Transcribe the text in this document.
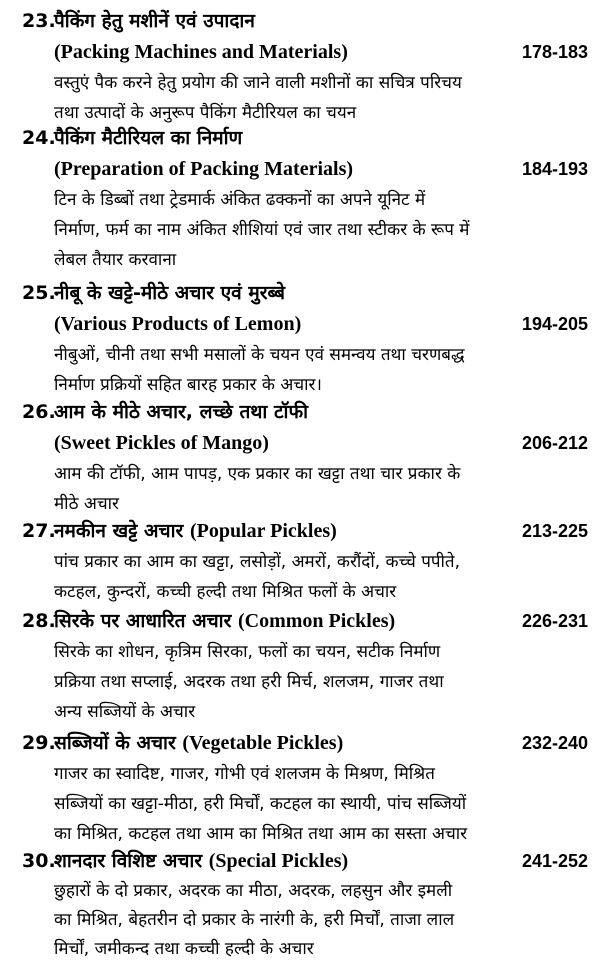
23.
पैकिंग हेतु मशीनें एवं उपादान
(Packing Machines and Materials)	178-183
वस्तुएं पैक करने हेतु प्रयोग की जाने वाली मशीनों का सचित्र परिचय
तथा उत्पादों के अनुरूप पैकिंग मैटीरियल का चयन
24.
पैकिंग मैटीरियल का निर्माण
(Preparation of Packing Materials)	184-193
टिन के डिब्बों तथा ट्रेडमार्क अंकित ढक्कनों का अपने यूनिट में
निर्माण, फर्म का नाम अंकित शीशियां एवं जार तथा स्टीकर के रूप में
लेबल तैयार करवाना
25.
नीबू के खट्टे-मीठे अचार एवं मुरब्बे
(Various Products of Lemon)	194-205
नीबुओं, चीनी तथा सभी मसालों के चयन एवं समन्वय तथा चरणबद्ध
निर्माण प्रक्रियों सहित बारह प्रकार के अचार।
26.
आम के मीठे अचार, लच्छे तथा टॉफी
(Sweet Pickles of Mango)	206-212
आम की टॉफी, आम पापड़, एक प्रकार का खट्टा तथा चार प्रकार के
मीठे अचार
27.
नमकीन खट्टे अचार (Popular Pickles)	213-225
पांच प्रकार का आम का खट्टा, लसोड़ों, अमरों, करौंदों, कच्चे पपीते,
कटहल, कुन्दरों, कच्ची हल्दी तथा मिश्रित फलों के अचार
28.
सिरके पर आधारित अचार (Common Pickles)	226-231
सिरके का शोधन, कृत्रिम सिरका, फलों का चयन, सटीक निर्माण
प्रक्रिया तथा सप्लाई, अदरक तथा हरी मिर्च, शलजम, गाजर तथा
अन्य सब्जियों के अचार
29.
सब्जियों के अचार (Vegetable Pickles)	232-240
गाजर का स्वादिष्ट, गाजर, गोभी एवं शलजम के मिश्रण, मिश्रित
सब्जियों का खट्टा-मीठा, हरी मिर्चों, कटहल का स्थायी, पांच सब्जियों
का मिश्रित, कटहल तथा आम का मिश्रित तथा आम का सस्ता अचार
30.
शानदार विशिष्ट अचार (Special Pickles)	241-252
छुहारों के दो प्रकार, अदरक का मीठा, अदरक, लहसुन और इमली
का मिश्रित, बेहतरीन दो प्रकार के नारंगी के, हरी मिर्चों, ताजा लाल
मिर्चों, जमीकन्द तथा कच्ची हल्दी के अचार
